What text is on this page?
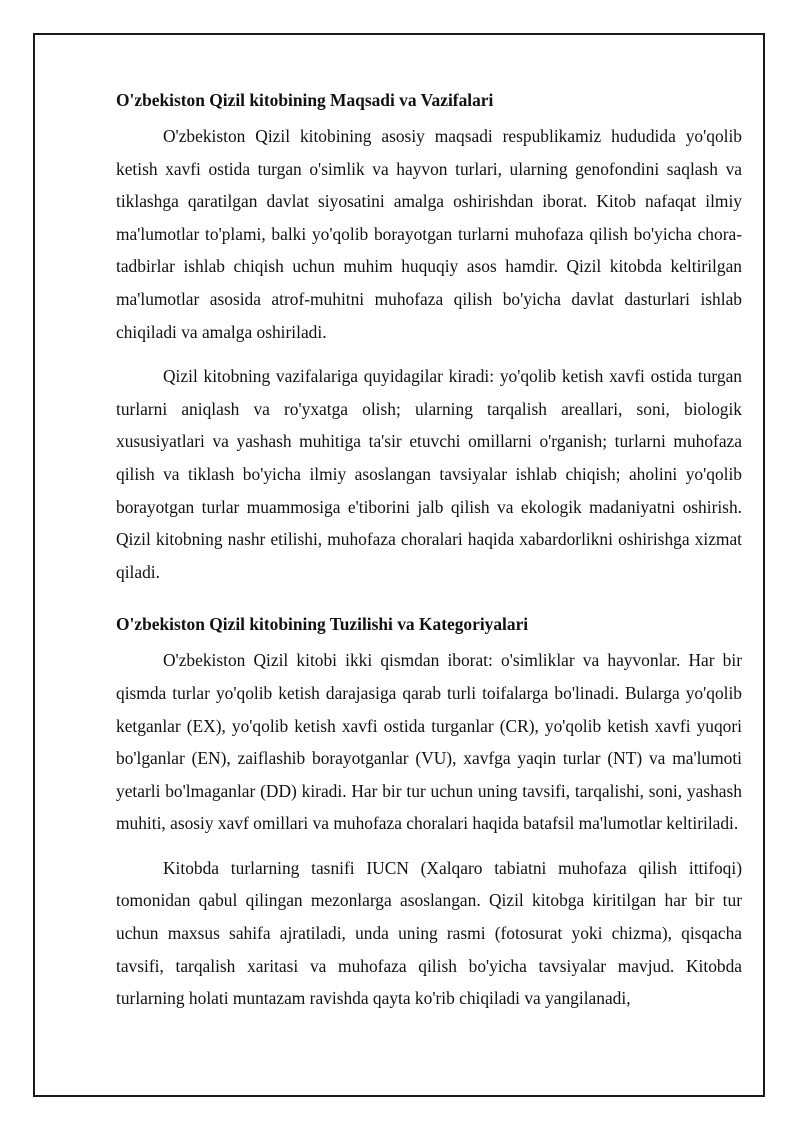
O'zbekiston Qizil kitobining Maqsadi va Vazifalari

O'zbekiston Qizil kitobining asosiy maqsadi respublikamiz hududida yo'qolib ketish xavfi ostida turgan o'simlik va hayvon turlari, ularning genofondini saqlash va tiklashga qaratilgan davlat siyosatini amalga oshirishdan iborat. Kitob nafaqat ilmiy ma'lumotlar to'plami, balki yo'qolib borayotgan turlarni muhofaza qilish bo'yicha chora-tadbirlar ishlab chiqish uchun muhim huquqiy asos hamdir. Qizil kitobda keltirilgan ma'lumotlar asosida atrof-muhitni muhofaza qilish bo'yicha davlat dasturlari ishlab chiqiladi va amalga oshiriladi.

Qizil kitobning vazifalariga quyidagilar kiradi: yo'qolib ketish xavfi ostida turgan turlarni aniqlash va ro'yxatga olish; ularning tarqalish areallari, soni, biologik xususiyatlari va yashash muhitiga ta'sir etuvchi omillarni o'rganish; turlarni muhofaza qilish va tiklash bo'yicha ilmiy asoslangan tavsiyalar ishlab chiqish; aholini yo'qolib borayotgan turlar muammosiga e'tiborini jalb qilish va ekologik madaniyatni oshirish. Qizil kitobning nashr etilishi, muhofaza choralari haqida xabardorlikni oshirishga xizmat qiladi.

O'zbekiston Qizil kitobining Tuzilishi va Kategoriyalari

O'zbekiston Qizil kitobi ikki qismdan iborat: o'simliklar va hayvonlar. Har bir qismda turlar yo'qolib ketish darajasiga qarab turli toifalarga bo'linadi. Bularga yo'qolib ketganlar (EX), yo'qolib ketish xavfi ostida turganlar (CR), yo'qolib ketish xavfi yuqori bo'lganlar (EN), zaiflashib borayotganlar (VU), xavfga yaqin turlar (NT) va ma'lumoti yetarli bo'lmaganlar (DD) kiradi. Har bir tur uchun uning tavsifi, tarqalishi, soni, yashash muhiti, asosiy xavf omillari va muhofaza choralari haqida batafsil ma'lumotlar keltiriladi.

Kitobda turlarning tasnifi IUCN (Xalqaro tabiatni muhofaza qilish ittifoqi) tomonidan qabul qilingan mezonlarga asoslangan. Qizil kitobga kiritilgan har bir tur uchun maxsus sahifa ajratiladi, unda uning rasmi (fotosurat yoki chizma), qisqacha tavsifi, tarqalish xaritasi va muhofaza qilish bo'yicha tavsiyalar mavjud. Kitobda turlarning holati muntazam ravishda qayta ko'rib chiqiladi va yangilanadi,
